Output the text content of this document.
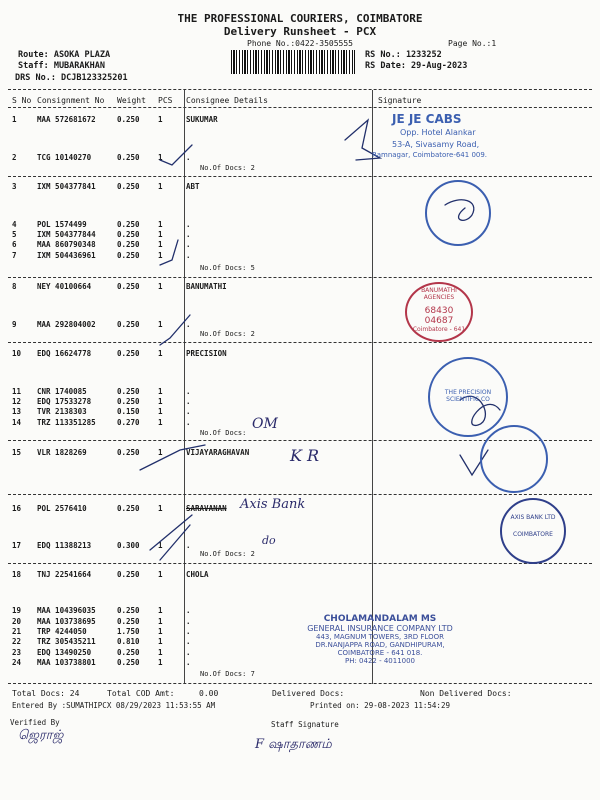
THE PROFESSIONAL COURIERS, COIMBATORE
Delivery Runsheet - PCX
Phone No.:0422-3505555	Page No.:1
Route: ASOKA PLAZA
Staff: MUBARAKHAN
DRS No.: DCJB123325201
RS No.: 1233252
RS Date: 29-Aug-2023
S No Consignment No Weight PCS Consignee Details	Signature
1	MAA 572681672	0.250 1	SUKUMAR
2	TCG 10140270	0.250 1	.
No.Of Docs: 2
3	IXM 504377841	0.250 1	ABT
4	POL 1574499	0.250 1	.
5	IXM 504377844	0.250 1	.
6	MAA 860790348	0.250 1	.
7	IXM 504436961	0.250 1	.
No.Of Docs: 5
8	NEY 40100664	0.250 1	BANUMATHI
9	MAA 292804002	0.250 1	.
No.Of Docs: 2
10 EDQ 16624778	0.250 1	PRECISION
11 CNR 1740085	0.250 1	.
12 EDQ 17533278	0.250 1	.
13 TVR 2138303	0.150 1	.
14 TRZ 113351285	0.270 1	.
No.Of Docs:
15 VLR 1828269	0.250 1	VIJAYARAGHAVAN
16 POL 2576410	0.250 1	SARAVANAN
17 EDQ 11388213	0.300 1	.
No.Of Docs: 2
18 TNJ 22541664	0.250 1	CHOLA
19 MAA 104396035	0.250 1	.
20 MAA 103738695	0.250 1	.
21 TRP 4244050	1.750 1	.
22 TRZ 305435211	0.810 1	.
23 EDQ 13490250	0.250 1	.
24 MAA 103738801	0.250 1	.
No.Of Docs: 7
K R
Axis Bank
do
OM
JE JE CABS
Opp. Hotel Alankar
53-A, Sivasamy Road,
Ramnagar, Coimbatore-641 009.
BANUMATHI AGENCIES
68430
04687
Coimbatore - 641
THE PRECISION SCIENTIFIC CO
AXIS BANK LTD
COIMBATORE
CHOLAMANDALAM MS
GENERAL INSURANCE COMPANY LTD
443, MAGNUM TOWERS, 3RD FLOOR
DR.NANJAPPA ROAD, GANDHIPURAM,
COIMBATORE - 641 018.
PH: 0422 - 4011000
Total Docs: 24	Total COD Amt:	0.00	Delivered Docs:	Non Delivered Docs:
Entered By :SUMATHIPCX 08/29/2023 11:53:55 AM	Printed on: 29-08-2023 11:54:29
Verified By	Staff Signature
ஜெராஜ்
F ஷாதாணம்
